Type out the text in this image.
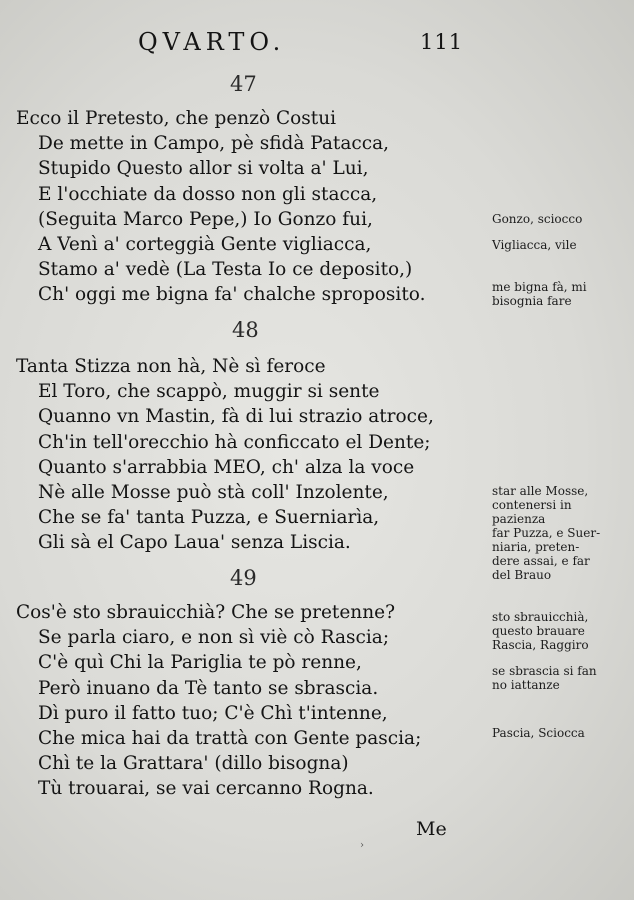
QVARTO.	111
47
Ecco il Pretesto, che penzò Costui
De mette in Campo, pè sfidà Patacca,
Stupido Questo allor si volta a' Lui,
E l'occhiate da dosso non gli stacca,
(Seguita Marco Pepe,) Io Gonzo fui,
A Venì a' corteggià Gente vigliacca,
Stamo a' vedè (La Testa Io ce deposito,)
Ch' oggi me bigna fa' chalche sproposito.
48
Tanta Stizza non hà, Nè sì feroce
El Toro, che scappò, muggir si sente
Quanno vn Mastin, fà di lui strazio atroce,
Ch'in tell'orecchio hà conficcato el Dente;
Quanto s'arrabbia MEO, ch' alza la voce
Nè alle Mosse può stà coll' Inzolente,
Che se fa' tanta Puzza, e Suerniarìa,
Gli sà el Capo Laua' senza Liscia.
49
Cos'è sto sbrauicchià? Che se pretenne?
Se parla ciaro, e non sì viè cò Rascia;
C'è quì Chi la Pariglia te pò renne,
Però inuano da Tè tanto se sbrascia.
Dì puro il fatto tuo; C'è Chì t'intenne,
Che mica hai da trattà con Gente pascia;
Chì te la Grattara' (dillo bisogna)
Tù trouarai, se vai cercanno Rogna.
Gonzo, sciocco
Vigliacca, vile
me bigna fà, mi
bisognia fare
star alle Mosse,
contenersi in
pazienza
far Puzza, e Suer-
niaria, preten-
dere assai, e far
del Brauo
sto sbrauicchià,
questo brauare
Rascia, Raggiro
se sbrascia si fan
no iattanze
Pascia, Sciocca
Me
›
